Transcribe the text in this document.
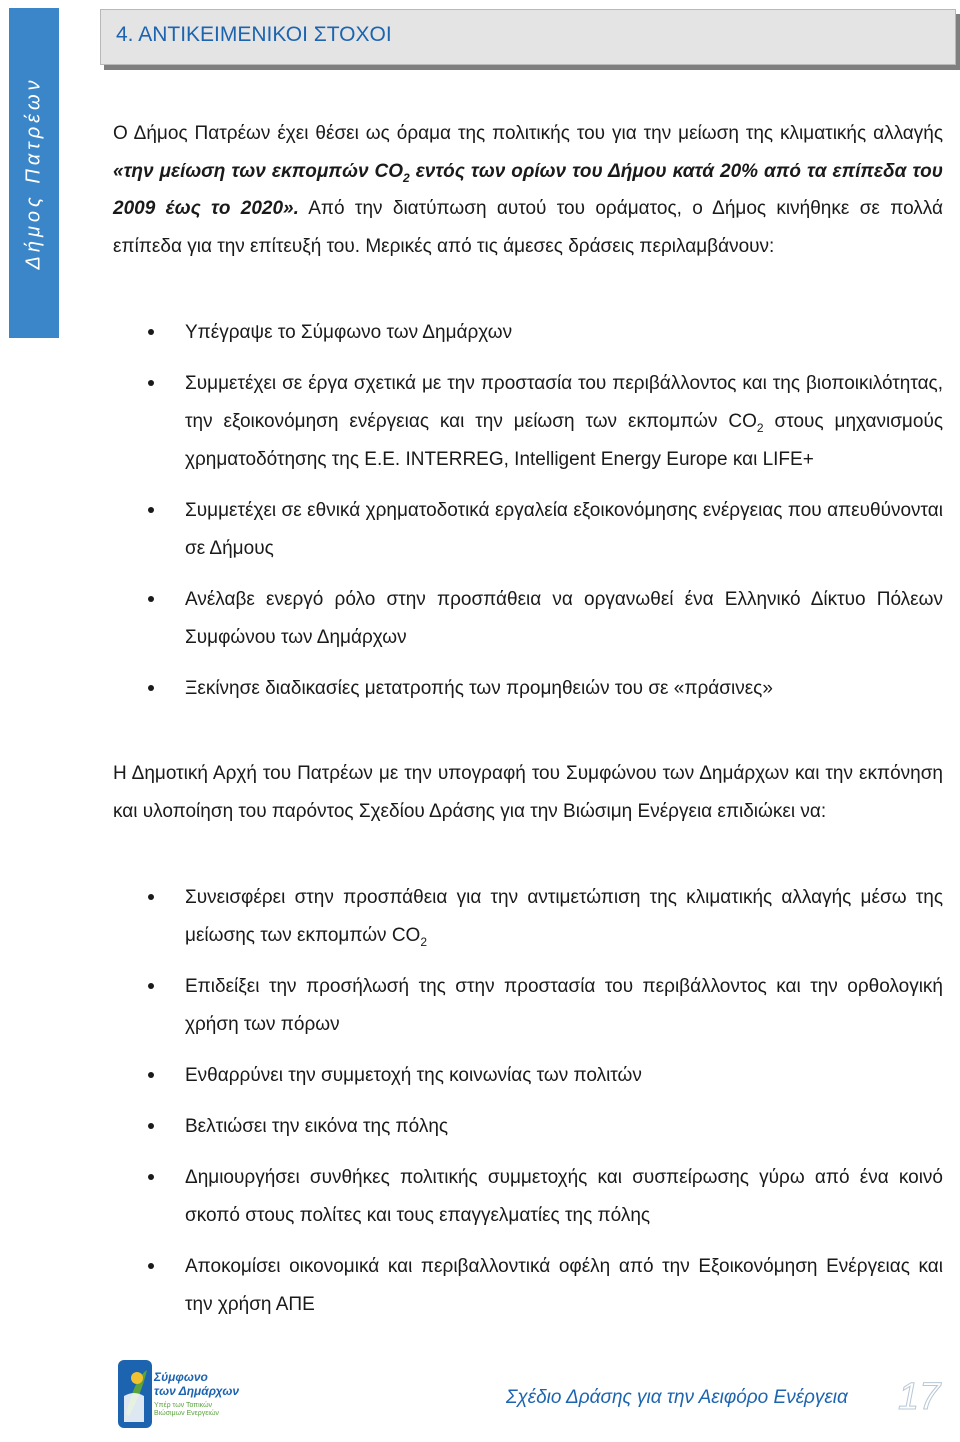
Δήμος Πατρέων
4. ΑΝΤΙΚΕΙΜΕΝΙΚΟΙ ΣΤΟΧΟΙ
Ο Δήμος Πατρέων έχει θέσει ως όραμα της πολιτικής του για την μείωση της κλιματικής αλλαγής «την μείωση των εκπομπών $CO_2$ εντός των ορίων του Δήμου κατά 20% από τα επίπεδα του 2009 έως το 2020». Από την διατύπωση αυτού του οράματος, ο Δήμος κινήθηκε σε πολλά επίπεδα για την επίτευξή του. Μερικές από τις άμεσες δράσεις περιλαμβάνουν:
Υπέγραψε το Σύμφωνο των Δημάρχων
Συμμετέχει σε έργα σχετικά με την προστασία του περιβάλλοντος και της βιοποικιλότητας, την εξοικονόμηση ενέργειας και την μείωση των εκπομπών $CO_2$ στους μηχανισμούς χρηματοδότησης της Ε.Ε. INTERREG, Intelligent Energy Europe και LIFE+
Συμμετέχει σε εθνικά χρηματοδοτικά εργαλεία εξοικονόμησης ενέργειας που απευθύνονται σε Δήμους
Ανέλαβε ενεργό ρόλο στην προσπάθεια να οργανωθεί ένα Ελληνικό Δίκτυο Πόλεων Συμφώνου των Δημάρχων
Ξεκίνησε διαδικασίες μετατροπής των προμηθειών του σε «πράσινες»
Η Δημοτική Αρχή του Πατρέων με την υπογραφή του Συμφώνου των Δημάρχων και την εκπόνηση και υλοποίηση του παρόντος Σχεδίου Δράσης για την Βιώσιμη Ενέργεια επιδιώκει να:
Συνεισφέρει στην προσπάθεια για την αντιμετώπιση της κλιματικής αλλαγής μέσω της μείωσης των εκπομπών $CO_2$
Επιδείξει την προσήλωσή της στην προστασία του περιβάλλοντος και την ορθολογική χρήση των πόρων
Ενθαρρύνει την συμμετοχή της κοινωνίας των πολιτών
Βελτιώσει την εικόνα της πόλης
Δημιουργήσει συνθήκες πολιτικής συμμετοχής και συσπείρωσης γύρω από ένα κοινό σκοπό στους πολίτες και τους επαγγελματίες της πόλης
Αποκομίσει οικονομικά και περιβαλλοντικά οφέλη από την Εξοικονόμηση Ενέργειας και την χρήση ΑΠΕ
Σύμφωνο
των Δημάρχων
Υπέρ των Τοπικών Βιώσιμων Ενεργειών
Σχέδιο Δράσης για την Αειφόρο Ενέργεια 17
